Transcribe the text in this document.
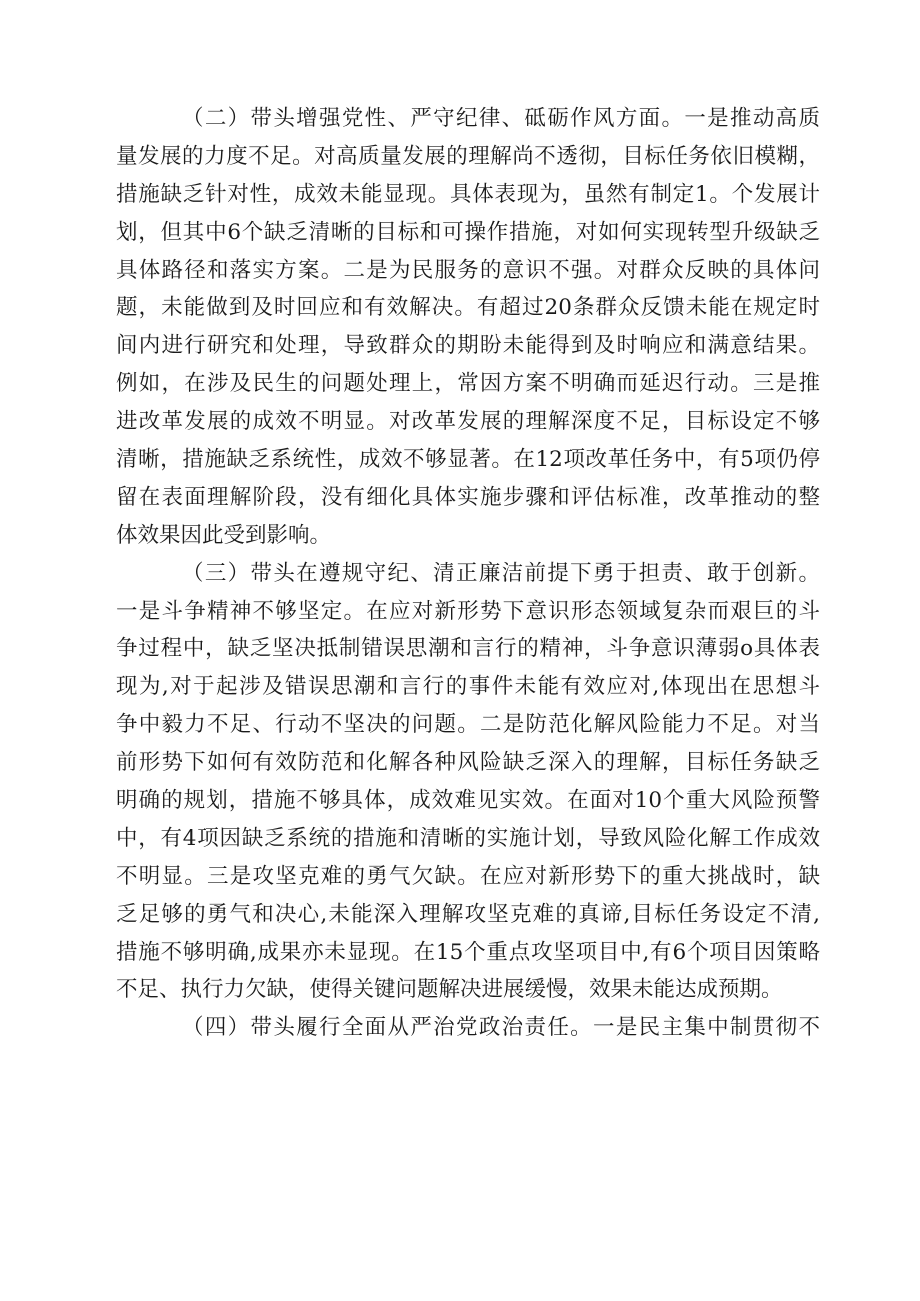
（二）带头增强党性、严守纪律、砥砺作风方面。一是推动高质
量发展的力度不足。对高质量发展的理解尚不透彻，目标任务依旧模糊，
措施缺乏针对性，成效未能显现。具体表现为，虽然有制定1。个发展计
划，但其中6个缺乏清晰的目标和可操作措施，对如何实现转型升级缺乏
具体路径和落实方案。二是为民服务的意识不强。对群众反映的具体问
题，未能做到及时回应和有效解决。有超过20条群众反馈未能在规定时
间内进行研究和处理，导致群众的期盼未能得到及时响应和满意结果。
例如，在涉及民生的问题处理上，常因方案不明确而延迟行动。三是推
进改革发展的成效不明显。对改革发展的理解深度不足，目标设定不够
清晰，措施缺乏系统性，成效不够显著。在12项改革任务中，有5项仍停
留在表面理解阶段，没有细化具体实施步骤和评估标准，改革推动的整
体效果因此受到影响。
（三）带头在遵规守纪、清正廉洁前提下勇于担责、敢于创新。
一是斗争精神不够坚定。在应对新形势下意识形态领域复杂而艰巨的斗
争过程中，缺乏坚决抵制错误思潮和言行的精神，斗争意识薄弱o具体表
现为,对于起涉及错误思潮和言行的事件未能有效应对,体现出在思想斗
争中毅力不足、行动不坚决的问题。二是防范化解风险能力不足。对当
前形势下如何有效防范和化解各种风险缺乏深入的理解，目标任务缺乏
明确的规划，措施不够具体，成效难见实效。在面对10个重大风险预警
中，有4项因缺乏系统的措施和清晰的实施计划，导致风险化解工作成效
不明显。三是攻坚克难的勇气欠缺。在应对新形势下的重大挑战时，缺
乏足够的勇气和决心,未能深入理解攻坚克难的真谛,目标任务设定不清,
措施不够明确,成果亦未显现。在15个重点攻坚项目中,有6个项目因策略
不足、执行力欠缺，使得关键问题解决进展缓慢，效果未能达成预期。
（四）带头履行全面从严治党政治责任。一是民主集中制贯彻不
